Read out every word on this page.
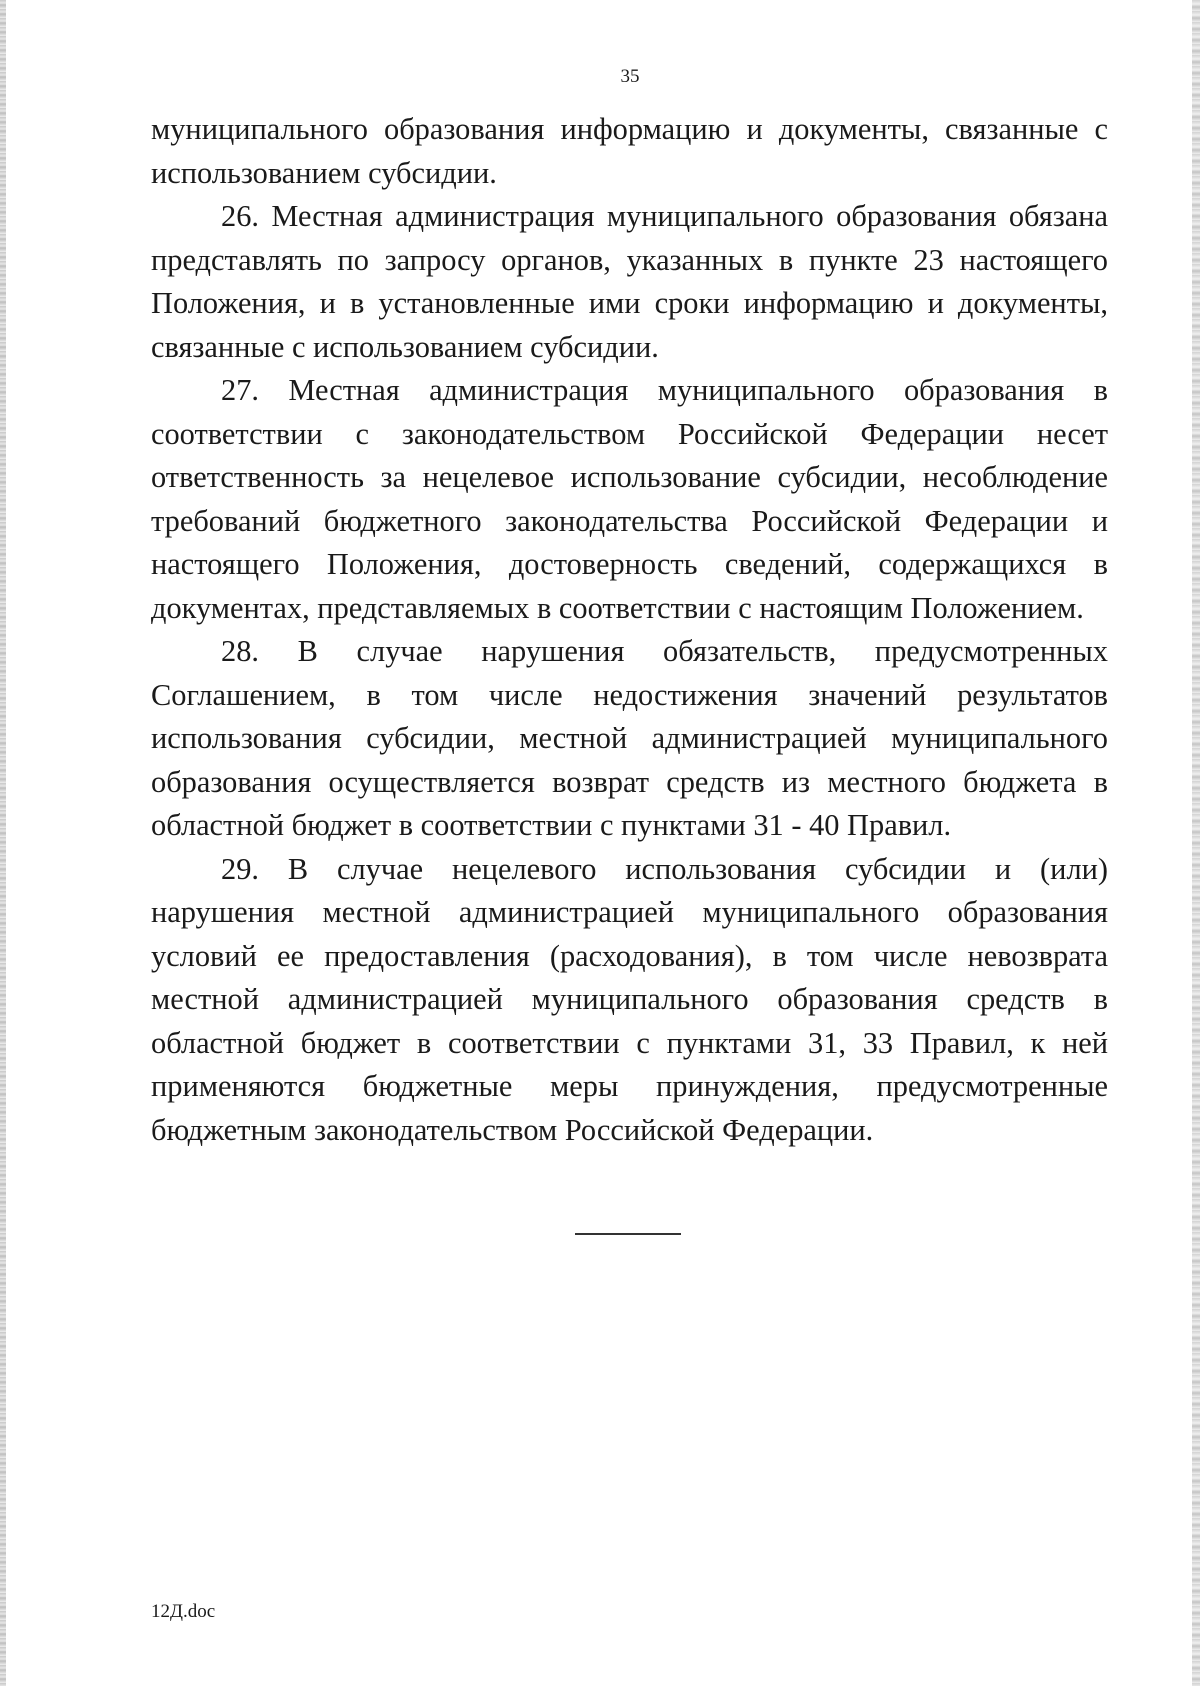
35

муниципального образования информацию и документы, связанные с использованием субсидии.

26. Местная администрация муниципального образования обязана представлять по запросу органов, указанных в пункте 23 настоящего Положения, и в установленные ими сроки информацию и документы, связанные с использованием субсидии.

27. Местная администрация муниципального образования в соответствии с законодательством Российской Федерации несет ответственность за нецелевое использование субсидии, несоблюдение требований бюджетного законодательства Российской Федерации и настоящего Положения, достоверность сведений, содержащихся в документах, представляемых в соответствии с настоящим Положением.

28. В случае нарушения обязательств, предусмотренных Соглашением, в том числе недостижения значений результатов использования субсидии, местной администрацией муниципального образования осуществляется возврат средств из местного бюджета в областной бюджет в соответствии с пунктами 31 - 40 Правил.

29. В случае нецелевого использования субсидии и (или) нарушения местной администрацией муниципального образования условий ее предоставления (расходования), в том числе невозврата местной администрацией муниципального образования средств в областной бюджет в соответствии с пунктами 31, 33 Правил, к ней применяются бюджетные меры принуждения, предусмотренные бюджетным законодательством Российской Федерации.

12Д.doc
